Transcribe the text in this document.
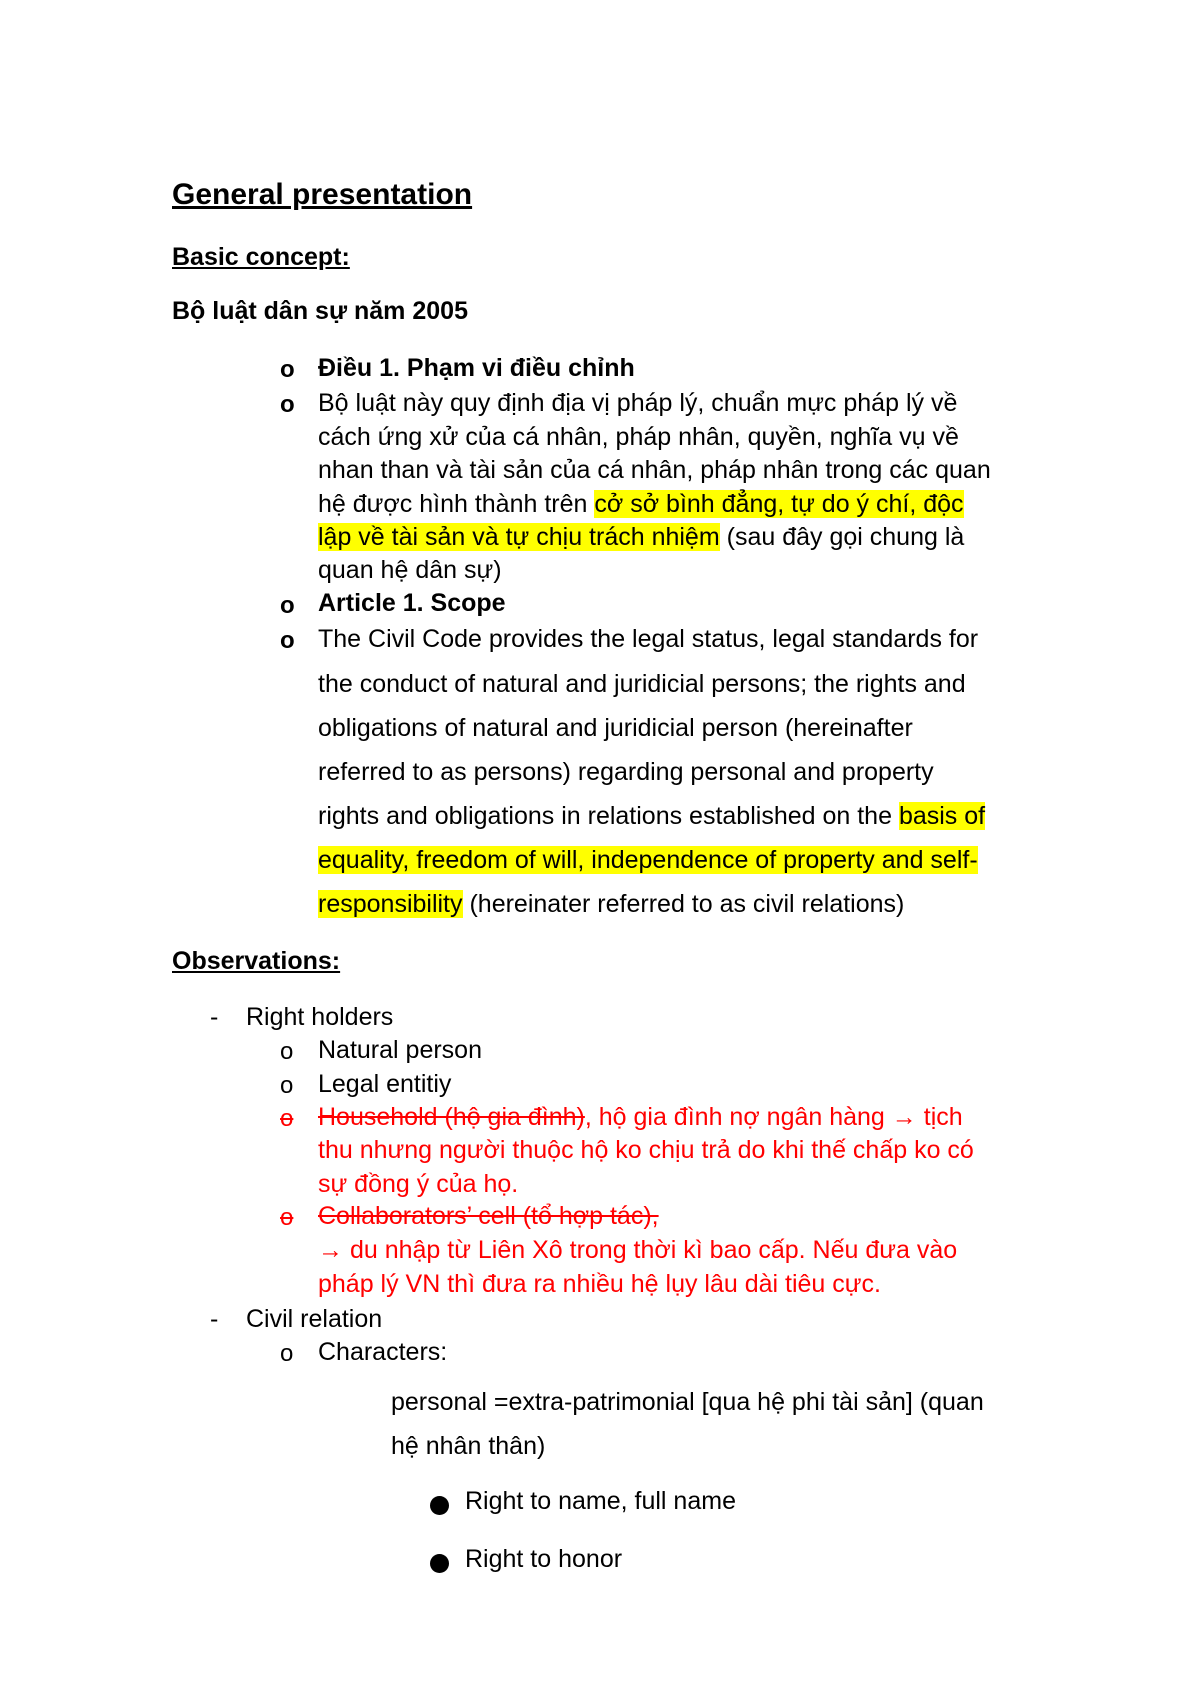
General presentation
Basic concept:
Bộ luật dân sự năm 2005
o Điều 1. Phạm vi điều chỉnh
o Bộ luật này quy định địa vị pháp lý, chuẩn mực pháp lý về
cách ứng xử của cá nhân, pháp nhân, quyền, nghĩa vụ về
nhan than và tài sản của cá nhân, pháp nhân trong các quan
hệ được hình thành trên cở sở bình đẳng, tự do ý chí, độc
lập về tài sản và tự chịu trách nhiệm (sau đây gọi chung là
quan hệ dân sự)
o Article 1. Scope
o The Civil Code provides the legal status, legal standards for
the conduct of natural and juridicial persons; the rights and
obligations of natural and juridicial person (hereinafter
referred to as persons) regarding personal and property
rights and obligations in relations established on the basis of
equality, freedom of will, independence of property and self-
responsibility (hereinater referred to as civil relations)
Observations:
- Right holders
o Natural person
o Legal entitiy
o Household (hộ gia đình), hộ gia đình nợ ngân hàng → tịch
thu nhưng người thuộc hộ ko chịu trả do khi thế chấp ko có
sự đồng ý của họ.
o Collaborators’ cell (tổ hợp tác),
→ du nhập từ Liên Xô trong thời kì bao cấp. Nếu đưa vào
pháp lý VN thì đưa ra nhiều hệ lụy lâu dài tiêu cực.
- Civil relation
o Characters:
personal =extra-patrimonial [qua hệ phi tài sản] (quan
hệ nhân thân)
Right to name, full name
Right to honor
